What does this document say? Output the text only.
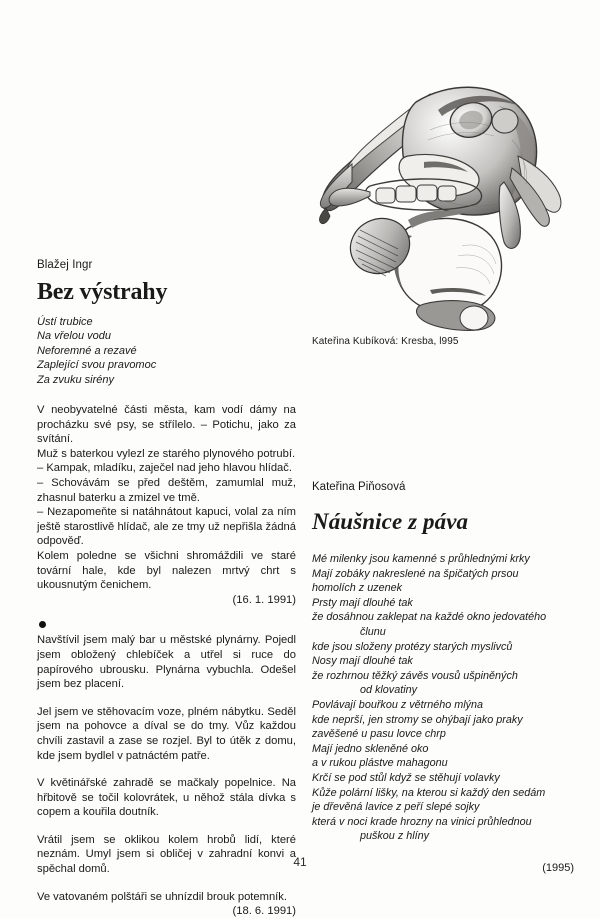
Blažej Ingr
Bez výstrahy
Ústí trubice
Na vřelou vodu
Neforemné a rezavé
Zaplející svou pravomoc
Za zvuku sirény

V neobyvatelné části města, kam vodí dámy na procházku své psy, se střílelo. – Potichu, jako za svítání.

Muž s baterkou vylezl ze starého plynového potrubí.

– Kampak, mladíku, zaječel nad jeho hlavou hlídač.

– Schovávám se před deštěm, zamumlal muž, zhasnul baterku a zmizel ve tmě.

– Nezapomeňte si natáhnátout kapuci, volal za ním ještě starostlivě hlídač, ale ze tmy už nepřišla žádná odpověď.

Kolem poledne se všichni shromáždili ve staré tovární hale, kde byl nalezen mrtvý chrt s ukousnutým čenichem.

(16. 1. 1991)

Navštívil jsem malý bar u městské plynárny. Pojedl jsem obložený chlebíček a utřel si ruce do papírového ubrousku. Plynárna vybuchla. Odešel jsem bez placení.

Jel jsem ve stěhovacím voze, plném nábytku. Seděl jsem na pohovce a díval se do tmy. Vůz každou chvíli zastavil a zase se rozjel. Byl to útěk z domu, kde jsem bydlel v patnáctém patře.

V květinářské zahradě se mačkaly popelnice. Na hřbitově se točil kolovrátek, u něhož stála dívka s copem a kouřila doutník.

Vrátil jsem se oklikou kolem hrobů lidí, které neznám. Umyl jsem si obličej v zahradní konvi a spěchal domů.

Ve vatovaném polštáři se uhnízdil brouk potemník.

(18. 6. 1991)
Kateřina Kubíková: Kresba, l995
Kateřina Piňosová
Náušnice z páva
Mé milenky jsou kamenné s průhlednými krky
Mají zobáky nakreslené na špičatých prsou
homolích z uzenek
Prsty mají dlouhé tak
že dosáhnou zaklepat na každé okno jedovatého
člunu
kde jsou složeny protézy starých myslivců
Nosy mají dlouhé tak
že rozhrnou těžký závěs vousů ušpiněných
od klovatiny
Povlávají bouřkou z větrného mlýna
kde neprší, jen stromy se ohýbají jako praky
zavěšené u pasu lovce chrp
Mají jedno skleněné oko
a v rukou plástve mahagonu
Krčí se pod stůl když se stěhují volavky
Kůže polární lišky, na kterou si každý den sedám
je dřevěná lavice z peří slepé sojky
která v noci krade hrozny na vinici průhlednou
puškou z hlíny
(1995)
41
